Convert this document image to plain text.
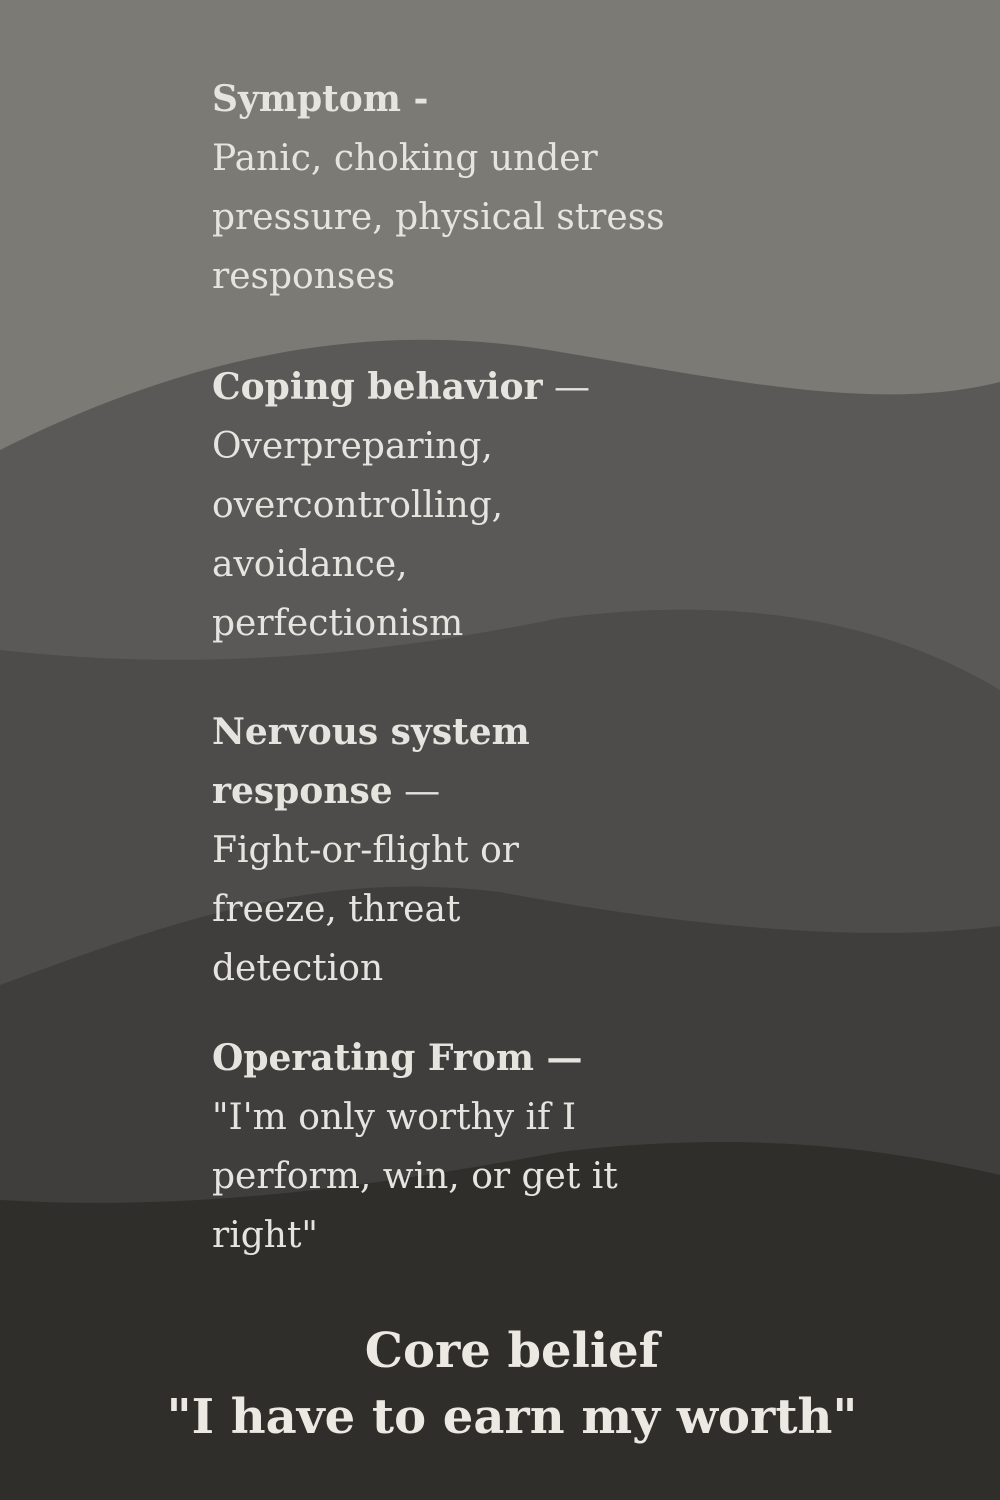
Symptom -
Panic, choking under pressure, physical stress responses
Coping behavior —
Overpreparing, overcontrolling, avoidance, perfectionism
Nervous system response —
Fight-or-flight or freeze, threat detection
Operating From —
"I'm only worthy if I perform, win, or get it right"
Core belief
"I have to earn my worth"
